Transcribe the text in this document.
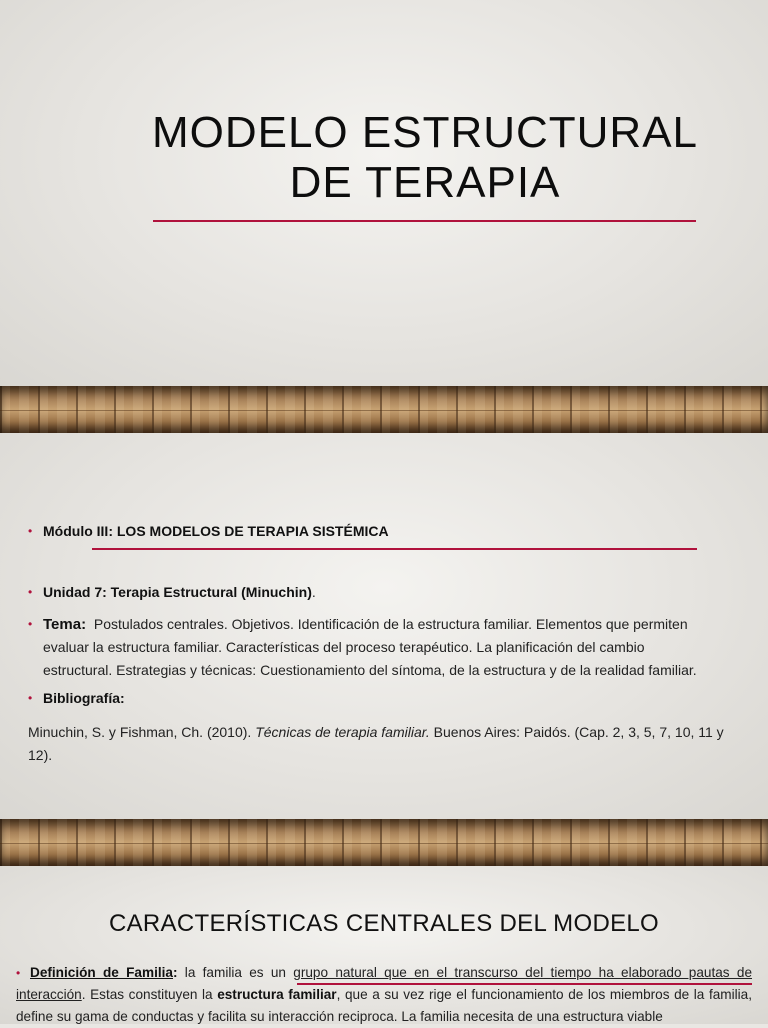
MODELO ESTRUCTURAL
DE TERAPIA
• Módulo III: LOS MODELOS DE TERAPIA SISTÉMICA
• Unidad 7: Terapia Estructural (Minuchin).
• Tema: Postulados centrales. Objetivos. Identificación de la estructura familiar. Elementos que permiten evaluar la estructura familiar. Características del proceso terapéutico. La planificación del cambio estructural. Estrategias y técnicas: Cuestionamiento del síntoma, de la estructura y de la realidad familiar.
• Bibliografía:
Minuchin, S. y Fishman, Ch. (2010). Técnicas de terapia familiar. Buenos Aires: Paidós. (Cap. 2, 3, 5, 7, 10, 11 y 12).
CARACTERÍSTICAS CENTRALES DEL MODELO
• Definición de Familia: la familia es un grupo natural que en el transcurso del tiempo ha elaborado pautas de interacción. Estas constituyen la estructura familiar, que a su vez rige el funcionamiento de los miembros de la familia, define su gama de conductas y facilita su interacción reciproca. La familia necesita de una estructura viable
